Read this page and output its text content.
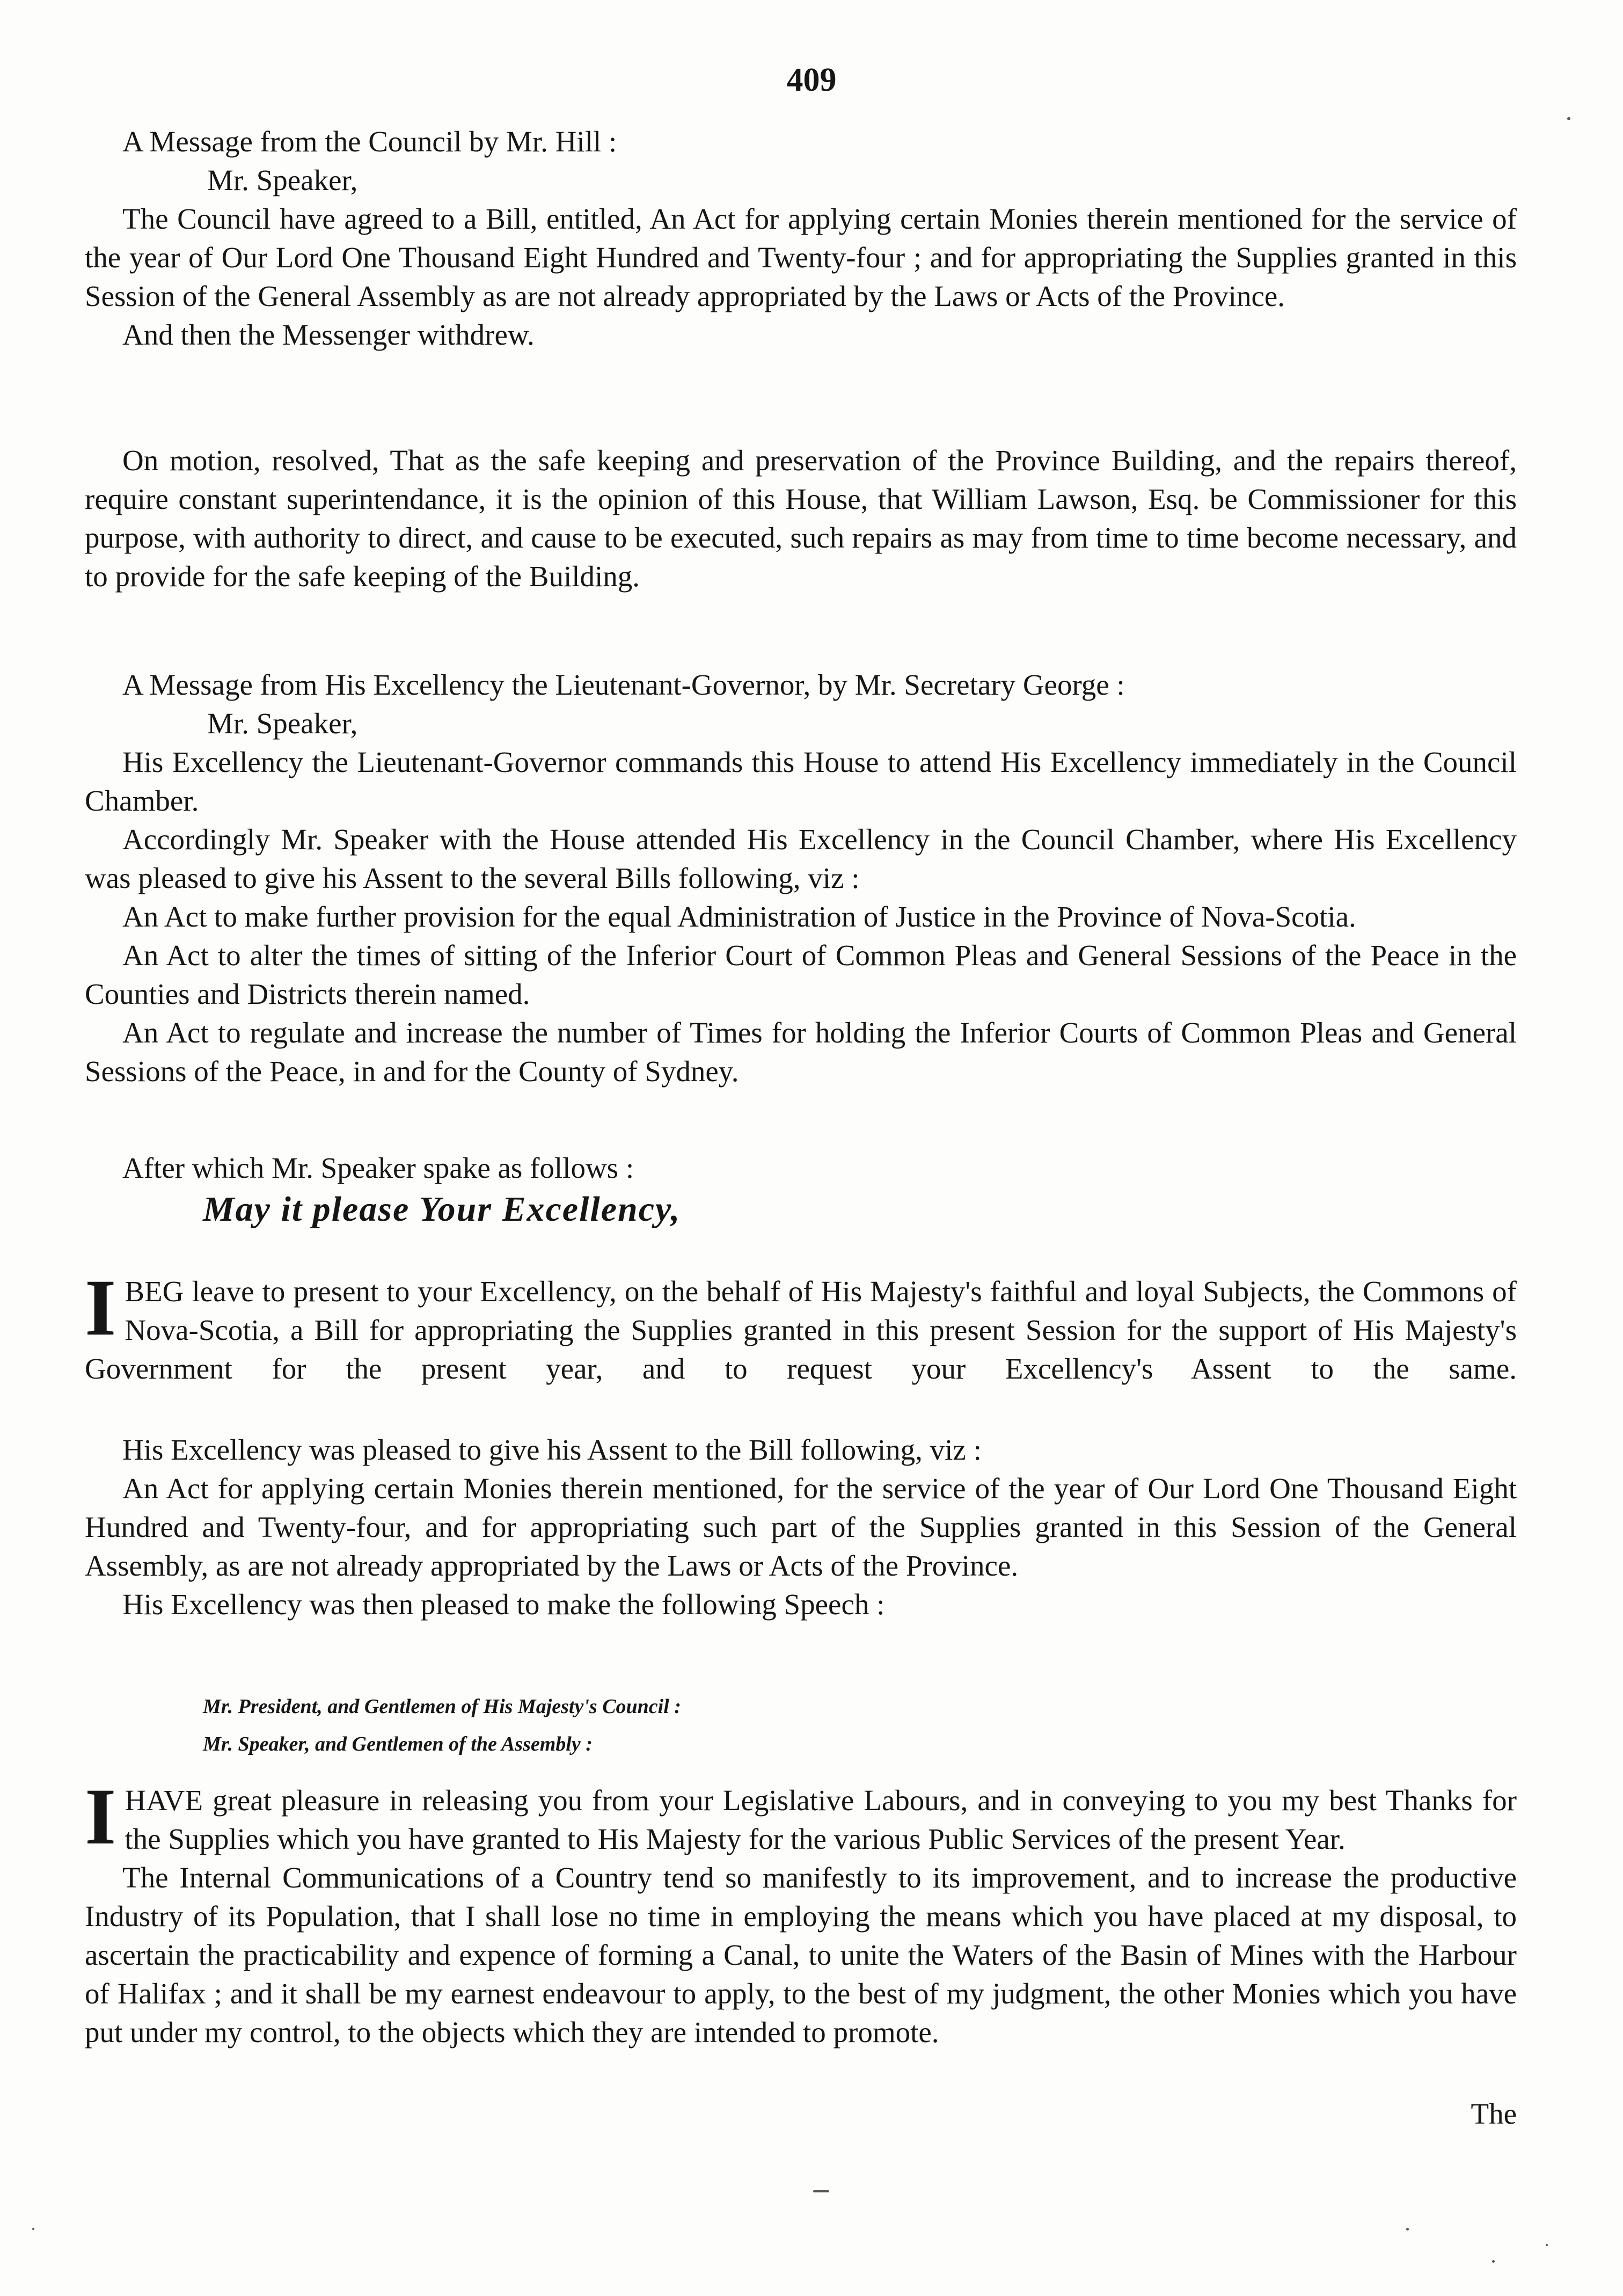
409

A Message from the Council by Mr. Hill :

Mr. Speaker,

The Council have agreed to a Bill, entitled, An Act for applying certain Monies therein mentioned for the service of the year of Our Lord One Thousand Eight Hundred and Twenty-four ; and for appropriating the Supplies granted in this Session of the General Assembly as are not already appropriated by the Laws or Acts of the Province.

And then the Messenger withdrew.

On motion, resolved, That as the safe keeping and preservation of the Province Building, and the repairs thereof, require constant superintendance, it is the opinion of this House, that William Lawson, Esq. be Commissioner for this purpose, with authority to direct, and cause to be executed, such repairs as may from time to time become necessary, and to provide for the safe keeping of the Building.

A Message from His Excellency the Lieutenant-Governor, by Mr. Secretary George :

Mr. Speaker,

His Excellency the Lieutenant-Governor commands this House to attend His Excellency immediately in the Council Chamber.

Accordingly Mr. Speaker with the House attended His Excellency in the Council Chamber, where His Excellency was pleased to give his Assent to the several Bills following, viz :

An Act to make further provision for the equal Administration of Justice in the Province of Nova-Scotia.

An Act to alter the times of sitting of the Inferior Court of Common Pleas and General Sessions of the Peace in the Counties and Districts therein named.

An Act to regulate and increase the number of Times for holding the Inferior Courts of Common Pleas and General Sessions of the Peace, in and for the County of Sydney.

After which Mr. Speaker spake as follows :

May it please Your Excellency,

IBEG leave to present to your Excellency, on the behalf of His Majesty's faithful and loyal Subjects, the Commons of Nova-Scotia, a Bill for appropriating the Supplies granted in this present Session for the support of His Majesty's Government for the present year, and to request your Excellency's Assent to the same.

His Excellency was pleased to give his Assent to the Bill following, viz :

An Act for applying certain Monies therein mentioned, for the service of the year of Our Lord One Thousand Eight Hundred and Twenty-four, and for appropriating such part of the Supplies granted in this Session of the General Assembly, as are not already appropriated by the Laws or Acts of the Province.

His Excellency was then pleased to make the following Speech :

Mr. President, and Gentlemen of His Majesty's Council :
Mr. Speaker, and Gentlemen of the Assembly :

IHAVE great pleasure in releasing you from your Legislative Labours, and in conveying to you my best Thanks for the Supplies which you have granted to His Majesty for the various Public Services of the present Year.

The Internal Communications of a Country tend so manifestly to its improvement, and to increase the productive Industry of its Population, that I shall lose no time in employing the means which you have placed at my disposal, to ascertain the practicability and expence of forming a Canal, to unite the Waters of the Basin of Mines with the Harbour of Halifax ; and it shall be my earnest endeavour to apply, to the best of my judgment, the other Monies which you have put under my control, to the objects which they are intended to promote.

The
